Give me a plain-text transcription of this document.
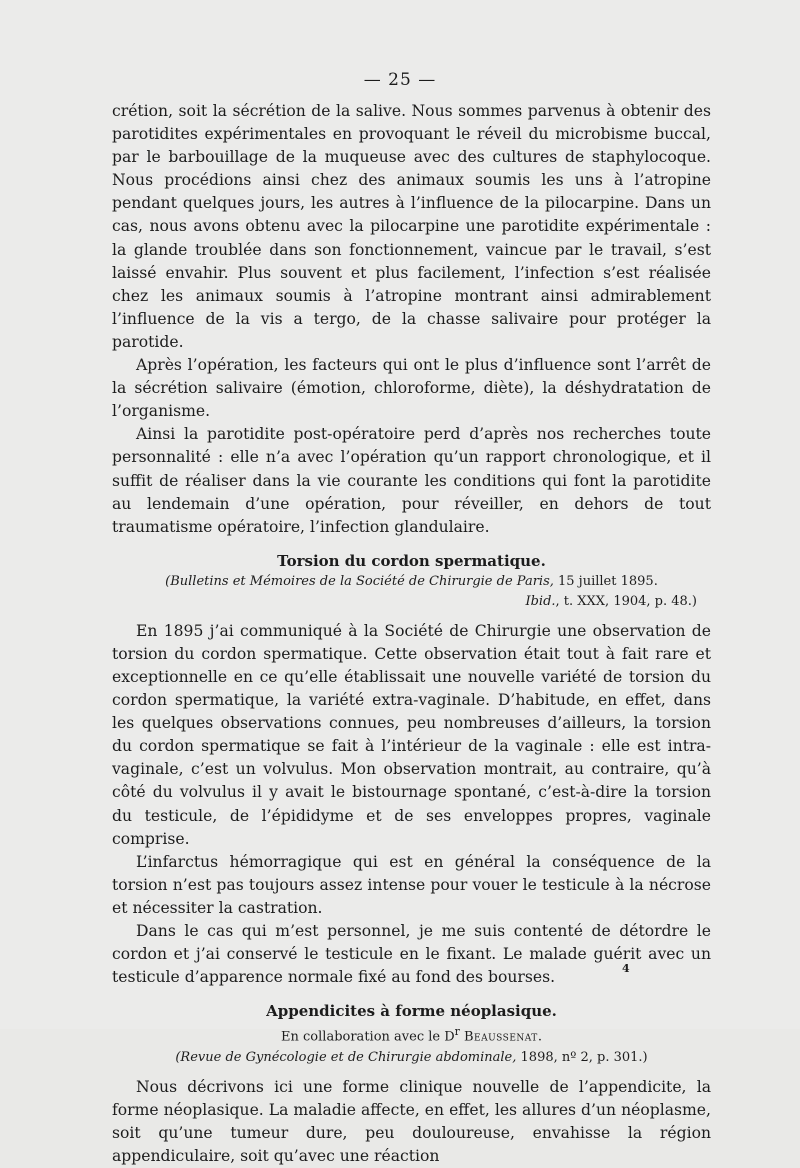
— 25 —

crétion, soit la sécrétion de la salive. Nous sommes parvenus à obtenir des parotidites expérimentales en provoquant le réveil du microbisme buccal, par le barbouillage de la muqueuse avec des cultures de staphylocoque. Nous procédions ainsi chez des animaux soumis les uns à l’atropine pendant quelques jours, les autres à l’influence de la pilocarpine. Dans un cas, nous avons obtenu avec la pilocarpine une parotidite expérimentale : la glande troublée dans son fonctionnement, vaincue par le travail, s’est laissé envahir. Plus souvent et plus facilement, l’infection s’est réalisée chez les animaux soumis à l’atropine montrant ainsi admirablement l’influence de la vis a tergo, de la chasse salivaire pour protéger la parotide.

Après l’opération, les facteurs qui ont le plus d’influence sont l’arrêt de la sécrétion salivaire (émotion, chloroforme, diète), la déshydratation de l’organisme.

Ainsi la parotidite post-opératoire perd d’après nos recherches toute personnalité : elle n’a avec l’opération qu’un rapport chronologique, et il suffit de réaliser dans la vie courante les conditions qui font la parotidite au lendemain d’une opération, pour réveiller, en dehors de tout traumatisme opératoire, l’infection glandulaire.

Torsion du cordon spermatique.
(Bulletins et Mémoires de la Société de Chirurgie de Paris, 15 juillet 1895.
Ibid., t. XXX, 1904, p. 48.)

En 1895 j’ai communiqué à la Société de Chirurgie une observation de torsion du cordon spermatique. Cette observation était tout à fait rare et exceptionnelle en ce qu’elle établissait une nouvelle variété de torsion du cordon spermatique, la variété extra-vaginale. D’habitude, en effet, dans les quelques observations connues, peu nombreuses d’ailleurs, la torsion du cordon spermatique se fait à l’intérieur de la vaginale : elle est intra-vaginale, c’est un volvulus. Mon observation montrait, au contraire, qu’à côté du volvulus il y avait le bistournage spontané, c’est-à-dire la torsion du testicule, de l’épididyme et de ses enveloppes propres, vaginale comprise.

L’infarctus hémorragique qui est en général la conséquence de la torsion n’est pas toujours assez intense pour vouer le testicule à la nécrose et nécessiter la castration.

Dans le cas qui m’est personnel, je me suis contenté de détordre le cordon et j’ai conservé le testicule en le fixant. Le malade guérit avec un testicule d’apparence normale fixé au fond des bourses.

Appendicites à forme néoplasique.
En collaboration avec le $D^r$ Beaussenat.
(Revue de Gynécologie et de Chirurgie abdominale, 1898, nº 2, p. 301.)

Nous décrivons ici une forme clinique nouvelle de l’appendicite, la forme néoplasique. La maladie affecte, en effet, les allures d’un néoplasme, soit qu’une tumeur dure, peu douloureuse, envahisse la région appendiculaire, soit qu’avec une réaction

4
